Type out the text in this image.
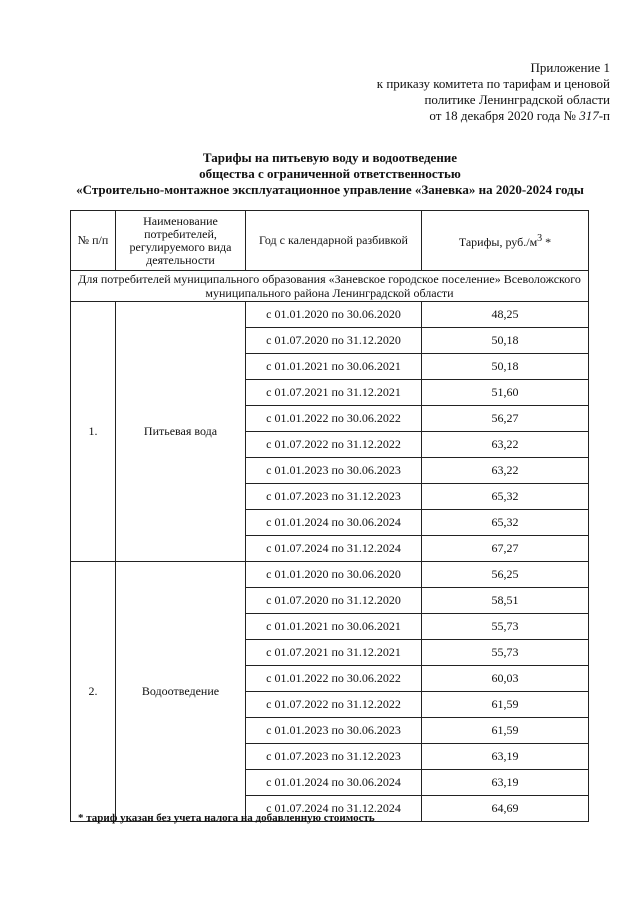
Приложение 1
к приказу комитета по тарифам и ценовой
политике Ленинградской области
от 18 декабря 2020 года № 317-п
Тарифы на питьевую воду и водоотведение
общества с ограниченной ответственностью
«Строительно-монтажное эксплуатационное управление «Заневка» на 2020-2024 годы
№ п/п	Наименование потребителей, регулируемого вида деятельности	Год с календарной разбивкой	Тарифы, $руб./м^3$ *
Для потребителей муниципального образования «Заневское городское поселение» Всеволожского муниципального района Ленинградской области			
1.	Питьевая вода	с 01.01.2020 по 30.06.2020	48,25
		с 01.07.2020 по 31.12.2020	50,18
		с 01.01.2021 по 30.06.2021	50,18
		с 01.07.2021 по 31.12.2021	51,60
		с 01.01.2022 по 30.06.2022	56,27
		с 01.07.2022 по 31.12.2022	63,22
		с 01.01.2023 по 30.06.2023	63,22
		с 01.07.2023 по 31.12.2023	65,32
		с 01.01.2024 по 30.06.2024	65,32
		с 01.07.2024 по 31.12.2024	67,27
2.	Водоотведение	с 01.01.2020 по 30.06.2020	56,25
		с 01.07.2020 по 31.12.2020	58,51
		с 01.01.2021 по 30.06.2021	55,73
		с 01.07.2021 по 31.12.2021	55,73
		с 01.01.2022 по 30.06.2022	60,03
		с 01.07.2022 по 31.12.2022	61,59
		с 01.01.2023 по 30.06.2023	61,59
		с 01.07.2023 по 31.12.2023	63,19
		с 01.01.2024 по 30.06.2024	63,19
		с 01.07.2024 по 31.12.2024	64,69
* тариф указан без учета налога на добавленную стоимость
